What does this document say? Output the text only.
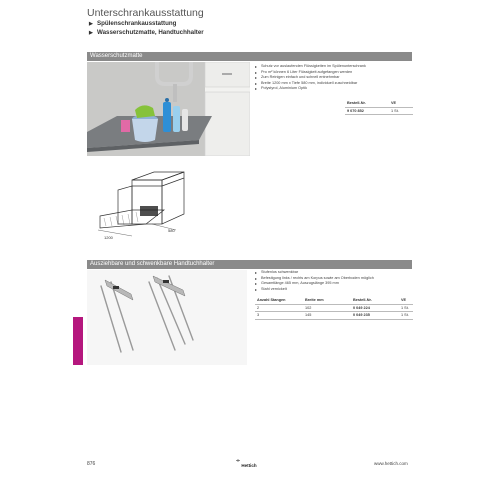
Unterschrankausstattung
▶ Spülenschrankausstattung
▶ Wasserschutzmatte, Handtuchhalter
Wasserschutzmatte
▸ Schutz vor auslaufenden Flüssigkeiten im Spülenunterschrank
▸ Pro m² können 6 Liter Flüssigkeit aufgefangen werden
▸ Zum Reinigen einfach und schnell entnehmbar
▸ Breite 1200 mm x Tiefe 580 mm, individuell zuschneidbar
▸ Polystyrol, Aluminium Optik
Bestell-Nr.	VE
9 070 852	1 St.
1200
580
Ausziehbare und schwenkbare Handtuchhalter
▸ Stufenlos schwenkbar
▸ Befestigung links / rechts am Korpus sowie am Oberboden möglich
▸ Gesamtlänge 465 mm, Auszugslänge 395 mm
▸ Stahl vernickelt
Anzahl Stangen	Breite mm	Bestell-Nr.	VE
2	102	0 049 224	1 St.
3	145	0 049 235	1 St.
876	Hettich	www.hettich.com
